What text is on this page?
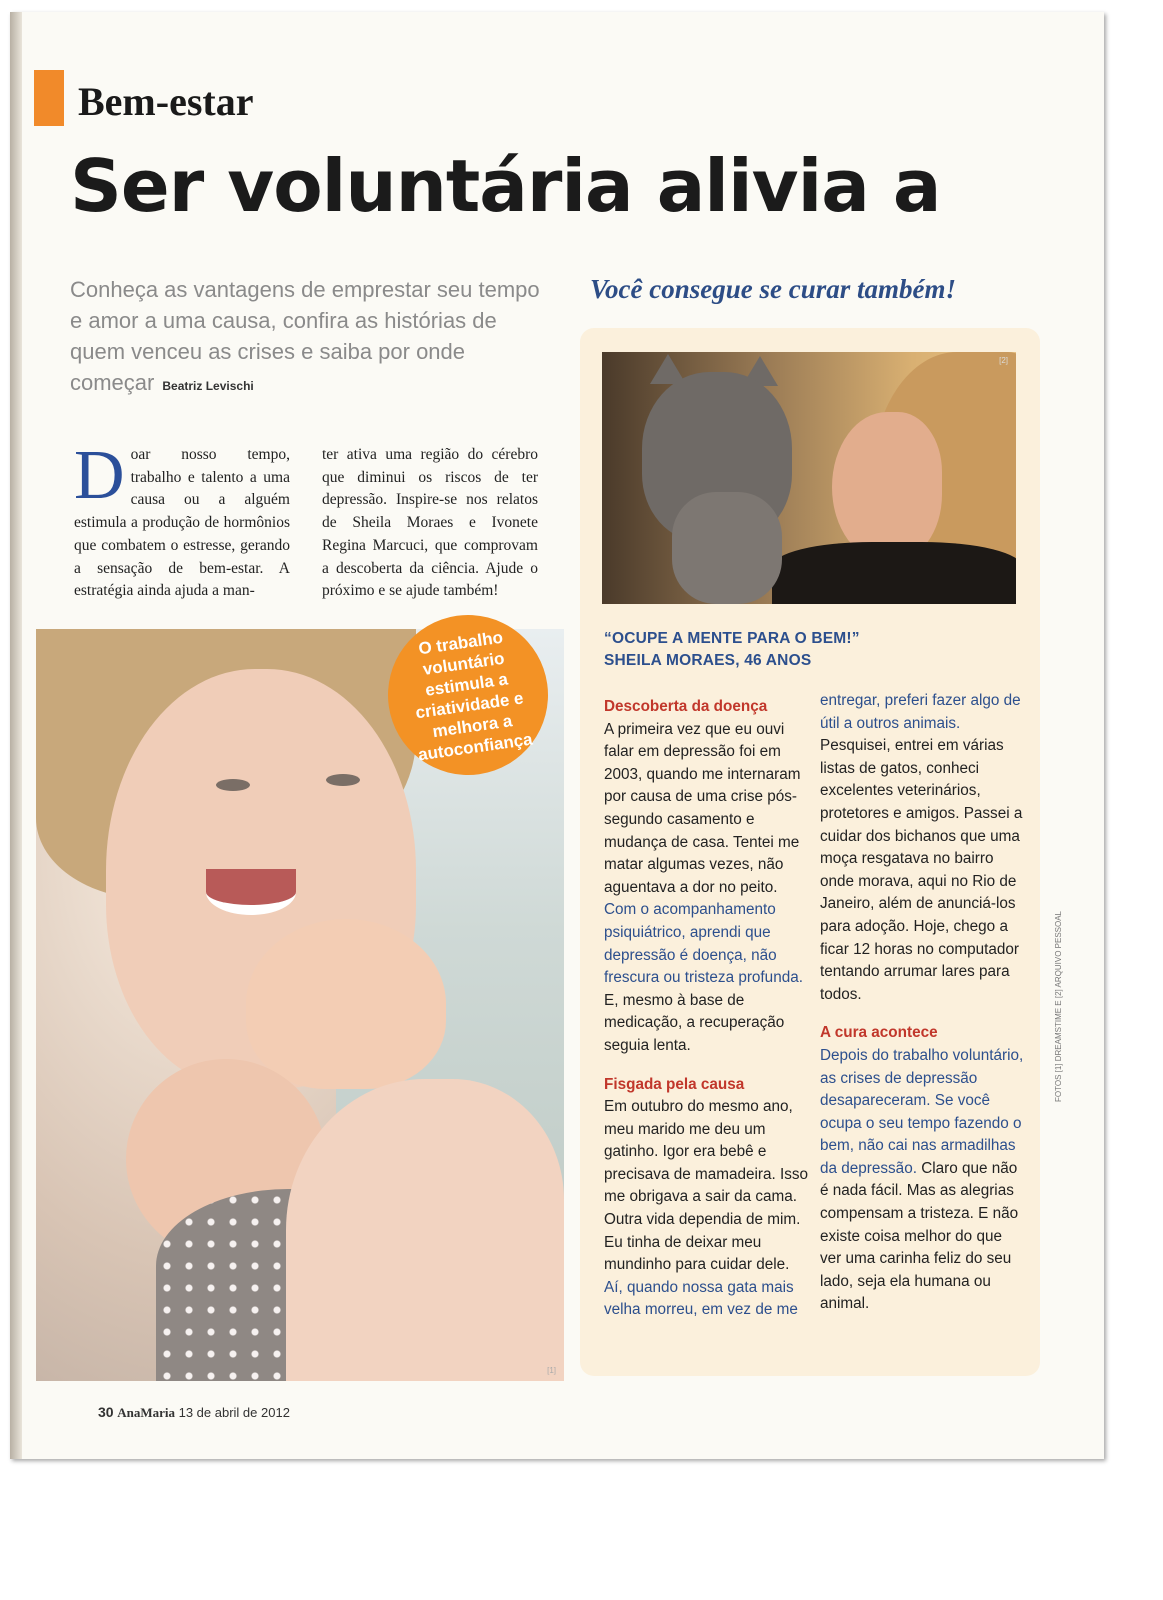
Bem-estar
Ser voluntária alivia a

Conheça as vantagens de emprestar seu tempo e amor a uma causa, confira as histórias de quem venceu as crises e saiba por onde começar Beatriz Levischi

Doar nosso tempo, trabalho e talento a uma causa ou a alguém estimula a produção de hormônios que combatem o estresse, gerando a sensação de bem-estar. A estratégia ainda ajuda a man-
ter ativa uma região do cérebro que diminui os riscos de ter depressão. Inspire-se nos relatos de Sheila Moraes e Ivonete Regina Marcuci, que comprovam a descoberta da ciência. Ajude o próximo e se ajude também!
[1]
O trabalho voluntário estimula a criatividade e melhora a autoconfiança
Você consegue se curar também!
[2]
“OCUPE A MENTE PARA O BEM!”
SHEILA MORAES, 46 ANOS
Descoberta da doença
A primeira vez que eu ouvi falar em depressão foi em 2003, quando me internaram por causa de uma crise pós-segundo casamento e mudança de casa. Tentei me matar algumas vezes, não aguentava a dor no peito. Com o acompanhamento psiquiátrico, aprendi que depressão é doença, não frescura ou tristeza profunda. E, mesmo à base de medicação, a recuperação seguia lenta.
Fisgada pela causa
Em outubro do mesmo ano, meu marido me deu um gatinho. Igor era bebê e precisava de mamadeira. Isso me obrigava a sair da cama. Outra vida dependia de mim. Eu tinha de deixar meu mundinho para cuidar dele. Aí, quando nossa gata mais velha morreu, em vez de me
entregar, preferi fazer algo de útil a outros animais. Pesquisei, entrei em várias listas de gatos, conheci excelentes veterinários, protetores e amigos. Passei a cuidar dos bichanos que uma moça resgatava no bairro onde morava, aqui no Rio de Janeiro, além de anunciá-los para adoção. Hoje, chego a ficar 12 horas no computador tentando arrumar lares para todos.
A cura acontece
Depois do trabalho voluntário, as crises de depressão desapareceram. Se você ocupa o seu tempo fazendo o bem, não cai nas armadilhas da depressão. Claro que não é nada fácil. Mas as alegrias compensam a tristeza. E não existe coisa melhor do que ver uma carinha feliz do seu lado, seja ela humana ou animal.
FOTOS [1] DREAMSTIME E [2] ARQUIVO PESSOAL
30 AnaMaria 13 de abril de 2012
